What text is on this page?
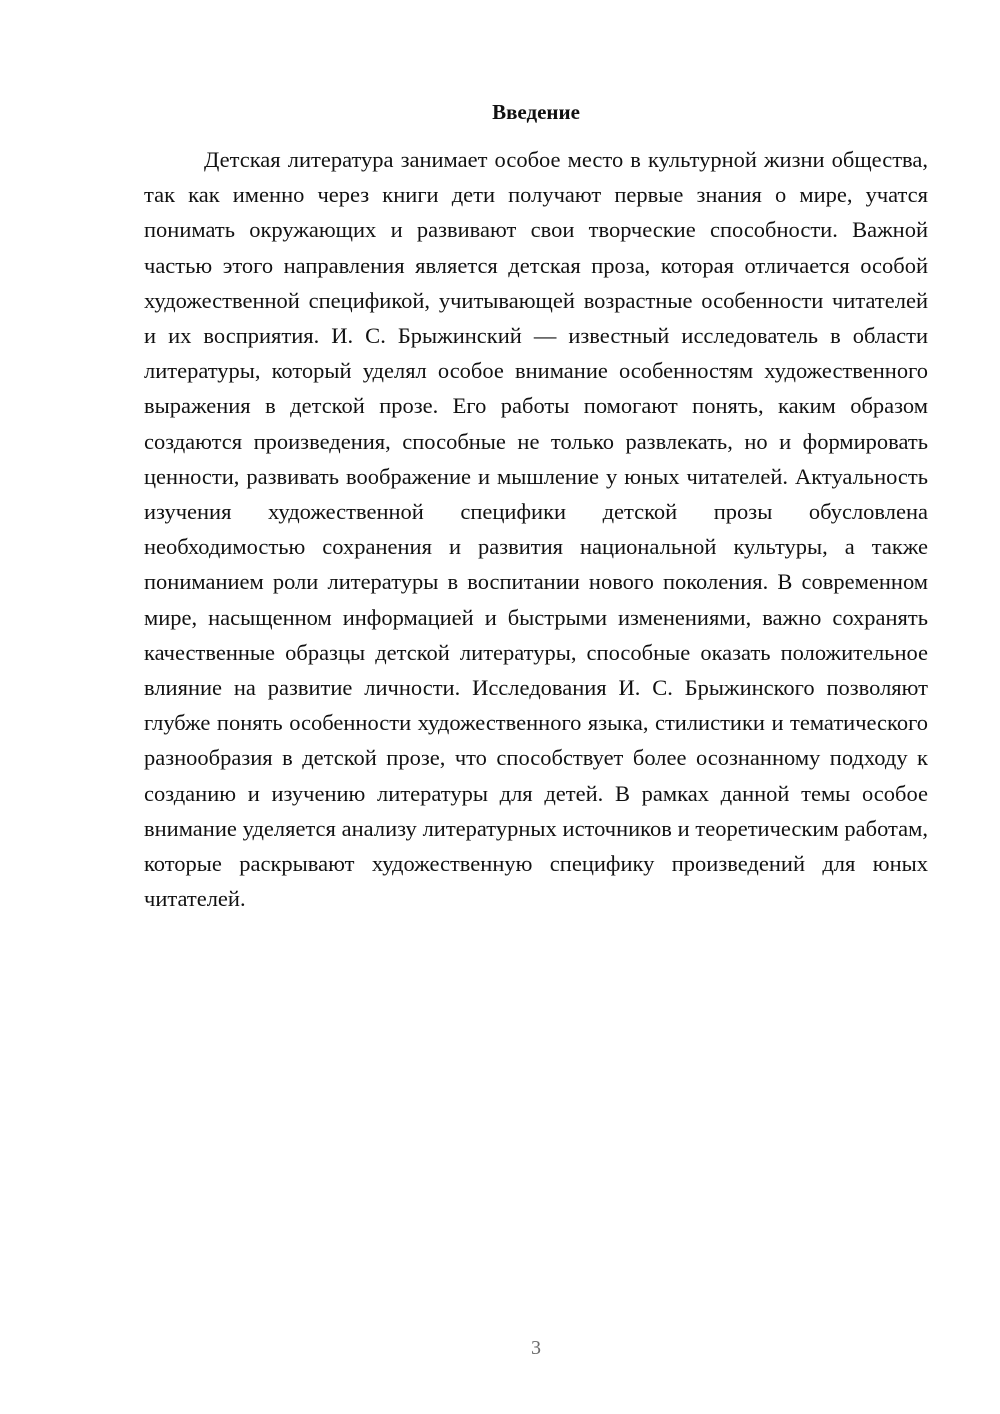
Введение

Детская литература занимает особое место в культурной жизни общества, так как именно через книги дети получают первые знания о мире, учатся понимать окружающих и развивают свои творческие способности. Важной частью этого направления является детская проза, которая отличается особой художественной спецификой, учитывающей возрастные особенности читателей и их восприятия. И. С. Брыжинский — известный исследователь в области литературы, который уделял особое внимание особенностям художественного выражения в детской прозе. Его работы помогают понять, каким образом создаются произведения, способные не только развлекать, но и формировать ценности, развивать воображение и мышление у юных читателей. Актуальность изучения художественной специфики детской прозы обусловлена необходимостью сохранения и развития национальной культуры, а также пониманием роли литературы в воспитании нового поколения. В современном мире, насыщенном информацией и быстрыми изменениями, важно сохранять качественные образцы детской литературы, способные оказать положительное влияние на развитие личности. Исследования И. С. Брыжинского позволяют глубже понять особенности художественного языка, стилистики и тематического разнообразия в детской прозе, что способствует более осознанному подходу к созданию и изучению литературы для детей. В рамках данной темы особое внимание уделяется анализу литературных источников и теоретическим работам, которые раскрывают художественную специфику произведений для юных читателей.

3
